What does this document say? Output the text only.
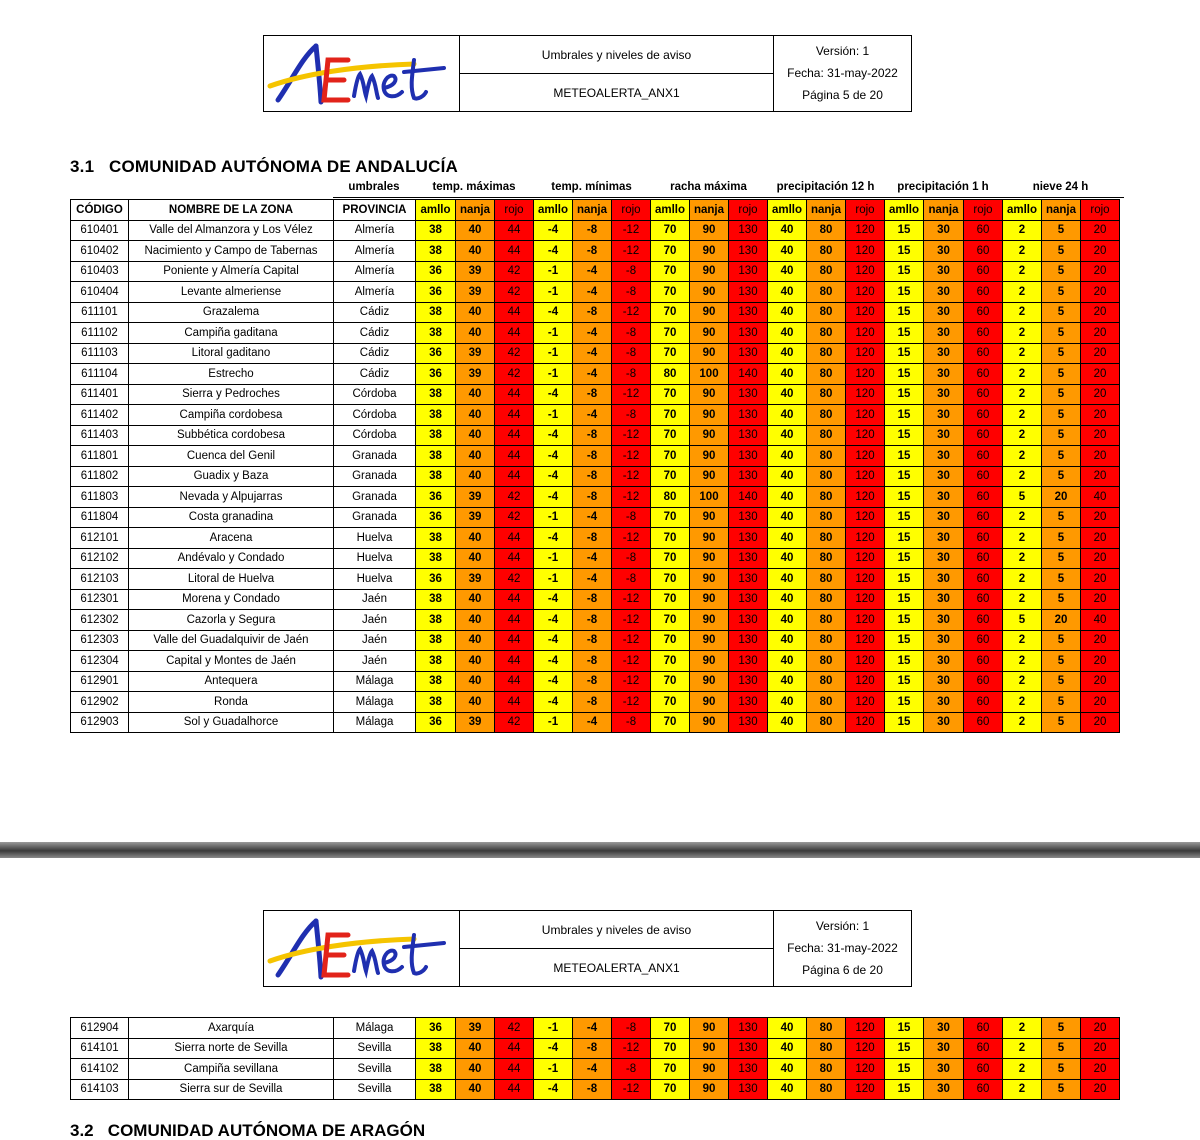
Umbrales y niveles de aviso
METEOALERTA_ANX1
Versión: 1
Fecha: 31-may-2022
Página 5 de 20
3.1   COMUNIDAD AUTÓNOMA DE ANDALUCÍA
umbrales	temp. máximas	temp. mínimas	racha máxima	precipitación 12 h	precipitación 1 h	nieve 24 h
CÓDIGO	NOMBRE DE LA ZONA	PROVINCIA	amllo	nanja	rojo	amllo	nanja	rojo	amllo	nanja	rojo	amllo	nanja	rojo	amllo	nanja	rojo	amllo	nanja	rojo
610401	Valle del Almanzora y Los Vélez	Almería	38	40	44	-4	-8	-12	70	90	130	40	80	120	15	30	60	2	5	20
610402	Nacimiento y Campo de Tabernas	Almería	38	40	44	-4	-8	-12	70	90	130	40	80	120	15	30	60	2	5	20
610403	Poniente y Almería Capital	Almería	36	39	42	-1	-4	-8	70	90	130	40	80	120	15	30	60	2	5	20
610404	Levante almeriense	Almería	36	39	42	-1	-4	-8	70	90	130	40	80	120	15	30	60	2	5	20
611101	Grazalema	Cádiz	38	40	44	-4	-8	-12	70	90	130	40	80	120	15	30	60	2	5	20
611102	Campiña gaditana	Cádiz	38	40	44	-1	-4	-8	70	90	130	40	80	120	15	30	60	2	5	20
611103	Litoral gaditano	Cádiz	36	39	42	-1	-4	-8	70	90	130	40	80	120	15	30	60	2	5	20
611104	Estrecho	Cádiz	36	39	42	-1	-4	-8	80	100	140	40	80	120	15	30	60	2	5	20
611401	Sierra y Pedroches	Córdoba	38	40	44	-4	-8	-12	70	90	130	40	80	120	15	30	60	2	5	20
611402	Campiña cordobesa	Córdoba	38	40	44	-1	-4	-8	70	90	130	40	80	120	15	30	60	2	5	20
611403	Subbética cordobesa	Córdoba	38	40	44	-4	-8	-12	70	90	130	40	80	120	15	30	60	2	5	20
611801	Cuenca del Genil	Granada	38	40	44	-4	-8	-12	70	90	130	40	80	120	15	30	60	2	5	20
611802	Guadix y Baza	Granada	38	40	44	-4	-8	-12	70	90	130	40	80	120	15	30	60	2	5	20
611803	Nevada y Alpujarras	Granada	36	39	42	-4	-8	-12	80	100	140	40	80	120	15	30	60	5	20	40
611804	Costa granadina	Granada	36	39	42	-1	-4	-8	70	90	130	40	80	120	15	30	60	2	5	20
612101	Aracena	Huelva	38	40	44	-4	-8	-12	70	90	130	40	80	120	15	30	60	2	5	20
612102	Andévalo y Condado	Huelva	38	40	44	-1	-4	-8	70	90	130	40	80	120	15	30	60	2	5	20
612103	Litoral de Huelva	Huelva	36	39	42	-1	-4	-8	70	90	130	40	80	120	15	30	60	2	5	20
612301	Morena y Condado	Jaén	38	40	44	-4	-8	-12	70	90	130	40	80	120	15	30	60	2	5	20
612302	Cazorla y Segura	Jaén	38	40	44	-4	-8	-12	70	90	130	40	80	120	15	30	60	5	20	40
612303	Valle del Guadalquivir de Jaén	Jaén	38	40	44	-4	-8	-12	70	90	130	40	80	120	15	30	60	2	5	20
612304	Capital y Montes de Jaén	Jaén	38	40	44	-4	-8	-12	70	90	130	40	80	120	15	30	60	2	5	20
612901	Antequera	Málaga	38	40	44	-4	-8	-12	70	90	130	40	80	120	15	30	60	2	5	20
612902	Ronda	Málaga	38	40	44	-4	-8	-12	70	90	130	40	80	120	15	30	60	2	5	20
612903	Sol y Guadalhorce	Málaga	36	39	42	-1	-4	-8	70	90	130	40	80	120	15	30	60	2	5	20
Umbrales y niveles de aviso
METEOALERTA_ANX1
Versión: 1
Fecha: 31-may-2022
Página 6 de 20
612904	Axarquía	Málaga	36	39	42	-1	-4	-8	70	90	130	40	80	120	15	30	60	2	5	20
614101	Sierra norte de Sevilla	Sevilla	38	40	44	-4	-8	-12	70	90	130	40	80	120	15	30	60	2	5	20
614102	Campiña sevillana	Sevilla	38	40	44	-1	-4	-8	70	90	130	40	80	120	15	30	60	2	5	20
614103	Sierra sur de Sevilla	Sevilla	38	40	44	-4	-8	-12	70	90	130	40	80	120	15	30	60	2	5	20
3.2   COMUNIDAD AUTÓNOMA DE ARAGÓN
